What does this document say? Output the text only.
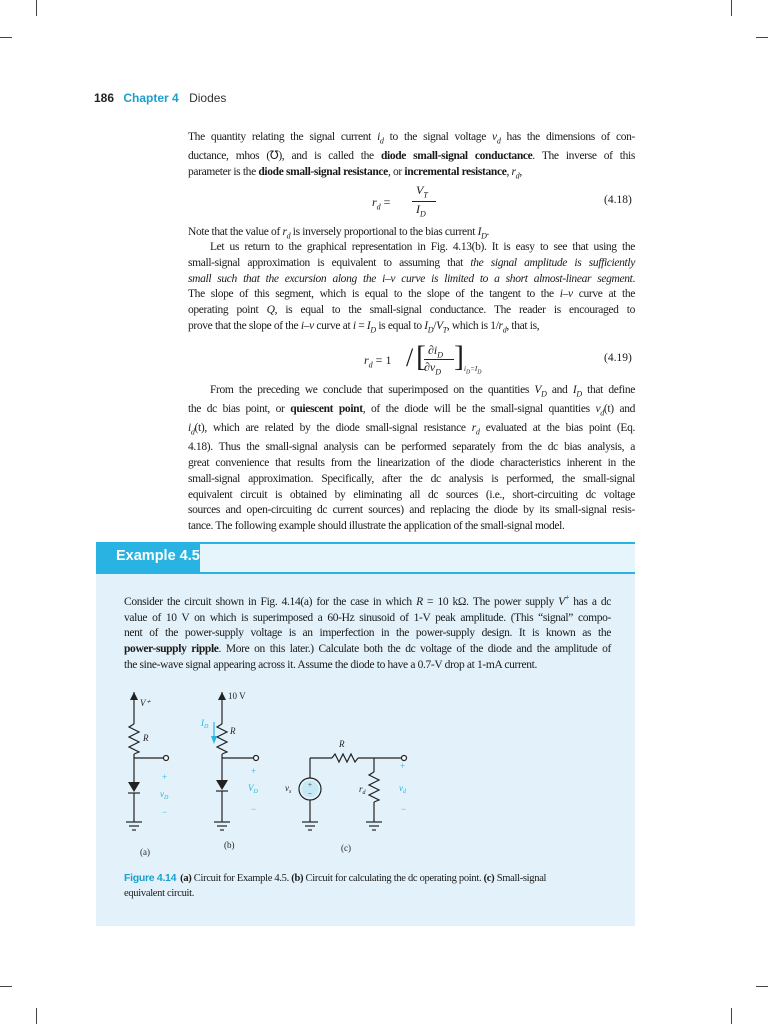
186 Chapter 4 Diodes
The quantity relating the signal current $i_d$ to the signal voltage $v_d$ has the dimensions of con-
ductance, mhos (℧), and is called the diode small-signal conductance. The inverse of this
parameter is the diode small-signal resistance, or incremental resistance, $r_d$,
$r_d$ =
$V_T$
$I_D$
(4.18)
Note that the value of $r_d$ is inversely proportional to the bias current $I_D$.
Let us return to the graphical representation in Fig. 4.13(b). It is easy to see that using the
small-signal approximation is equivalent to assuming that the signal amplitude is sufficiently
small such that the excursion along the i–v curve is limited to a short almost-linear segment.
The slope of this segment, which is equal to the slope of the tangent to the i–v curve at the
operating point Q, is equal to the small-signal conductance. The reader is encouraged to
prove that the slope of the i–v curve at $i = I_D$ is equal to $I_D/V_T$, which is $1/r_d$, that is,
$r_d = 1$ / [ $\partial i_D$
$\partial v_D$ ] $i_D=I_D$
(4.19)
From the preceding we conclude that superimposed on the quantities $V_D$ and $I_D$ that define
the dc bias point, or quiescent point, of the diode will be the small-signal quantities $v_d(t)$ and
$i_d(t)$, which are related by the diode small-signal resistance $r_d$ evaluated at the bias point (Eq.
4.18). Thus the small-signal analysis can be performed separately from the dc bias analysis, a
great convenience that results from the linearization of the diode characteristics inherent in the
small-signal approximation. Specifically, after the dc analysis is performed, the small-signal
equivalent circuit is obtained by eliminating all dc sources (i.e., short-circuiting dc voltage
sources and open-circuiting dc current sources) and replacing the diode by its small-signal resis-
tance. The following example should illustrate the application of the small-signal model.
Example 4.5
Consider the circuit shown in Fig. 4.14(a) for the case in which R = 10 kΩ. The power supply V+ has a dc
value of 10 V on which is superimposed a 60-Hz sinusoid of 1-V peak amplitude. (This “signal” compo-
nent of the power-supply voltage is an imperfection in the power-supply design. It is known as the
power-supply ripple. More on this later.) Calculate both the dc voltage of the diode and the amplitude of
the sine-wave signal appearing across it. Assume the diode to have a 0.7-V drop at 1-mA current.
V⁺
R
+
$v_D$
−
(a)
10 V
R
$I_D$
+
$V_D$
−
(b)
+
−
R
$v_s$	$r_d$
+
$v_d$
−
(c)
Figure 4.14 (a) Circuit for Example 4.5. (b) Circuit for calculating the dc operating point. (c) Small-signal
equivalent circuit.
